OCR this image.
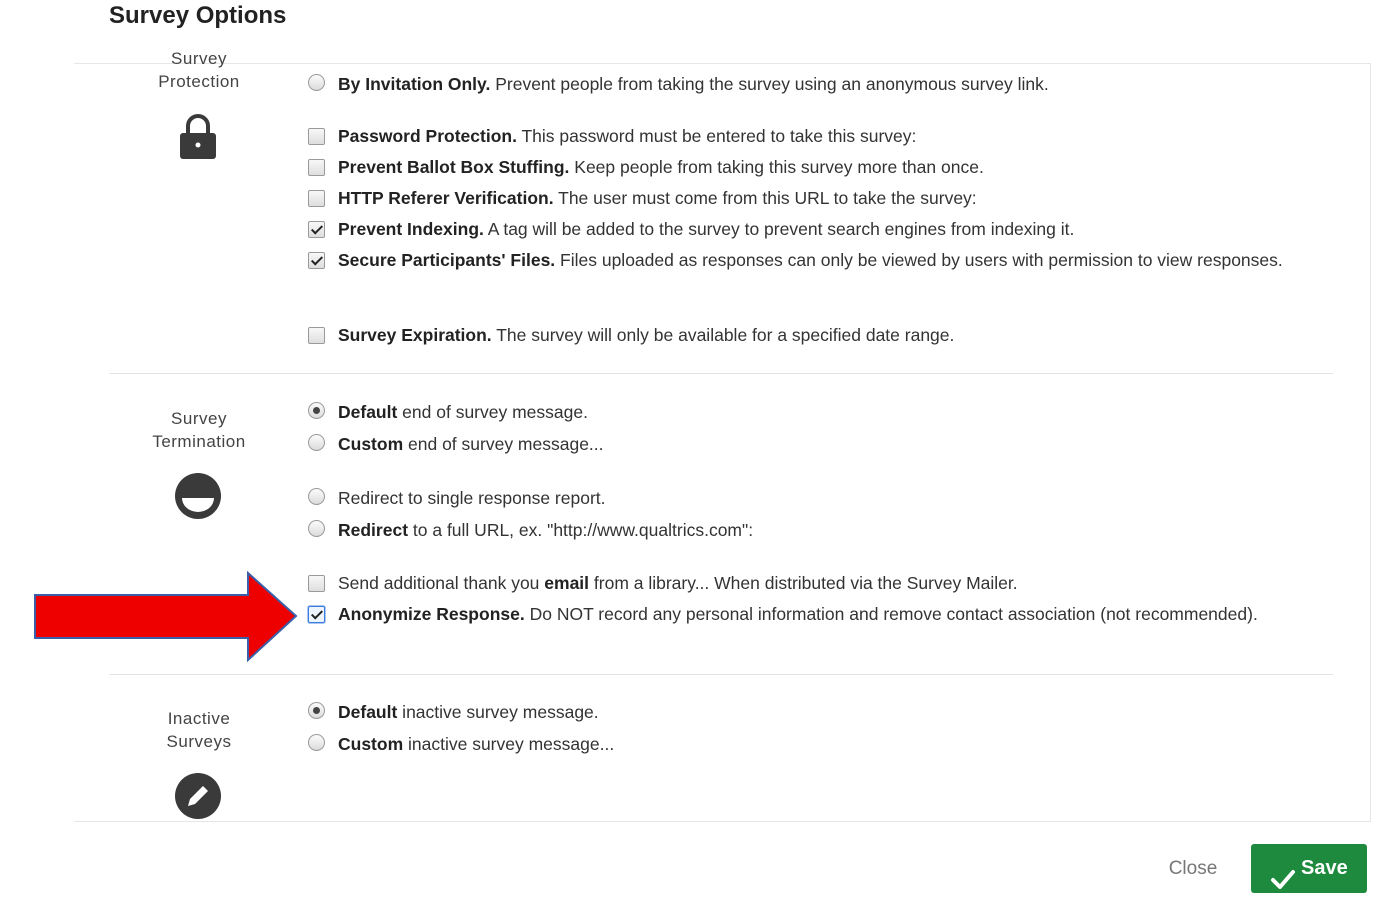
Survey Options
Survey
Protection	By Invitation Only. Prevent people from taking the survey using an anonymous survey link.
Password Protection. This password must be entered to take this survey:
Prevent Ballot Box Stuffing. Keep people from taking this survey more than once.
HTTP Referer Verification. The user must come from this URL to take the survey:
Prevent Indexing. A tag will be added to the survey to prevent search engines from indexing it.
Secure Participants' Files. Files uploaded as responses can only be viewed by users with permission to view responses.
Survey Expiration. The survey will only be available for a specified date range.
Survey
Termination
Default end of survey message.
Custom end of survey message...
Redirect to single response report.
Redirect to a full URL, ex. "http://www.qualtrics.com":
Send additional thank you email from a library... When distributed via the Survey Mailer.
Anonymize Response. Do NOT record any personal information and remove contact association (not recommended).
Inactive
Surveys
Default inactive survey message.
Custom inactive survey message...
Close	Save
